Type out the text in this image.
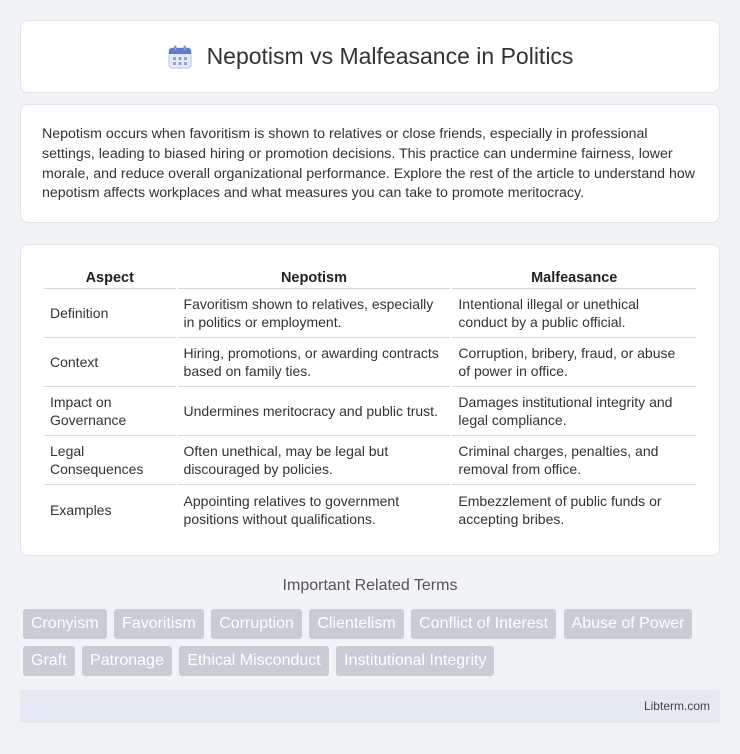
Nepotism vs Malfeasance in Politics

Nepotism occurs when favoritism is shown to relatives or close friends, especially in professional settings, leading to biased hiring or promotion decisions. This practice can undermine fairness, lower morale, and reduce overall organizational performance. Explore the rest of the article to understand how nepotism affects workplaces and what measures you can take to promote meritocracy.

Aspect	Nepotism	Malfeasance
Definition	Favoritism shown to relatives, especially in politics or employment.	Intentional illegal or unethical conduct by a public official.
Context	Hiring, promotions, or awarding contracts based on family ties.	Corruption, bribery, fraud, or abuse of power in office.
Impact on Governance	Undermines meritocracy and public trust.	Damages institutional integrity and legal compliance.
Legal Consequences	Often unethical, may be legal but discouraged by policies.	Criminal charges, penalties, and removal from office.
Examples	Appointing relatives to government positions without qualifications.	Embezzlement of public funds or accepting bribes.
Important Related Terms
Cronyism Favoritism Corruption Clientelism Conflict of Interest Abuse of Power
Graft Patronage Ethical Misconduct Institutional Integrity
Libterm.com
